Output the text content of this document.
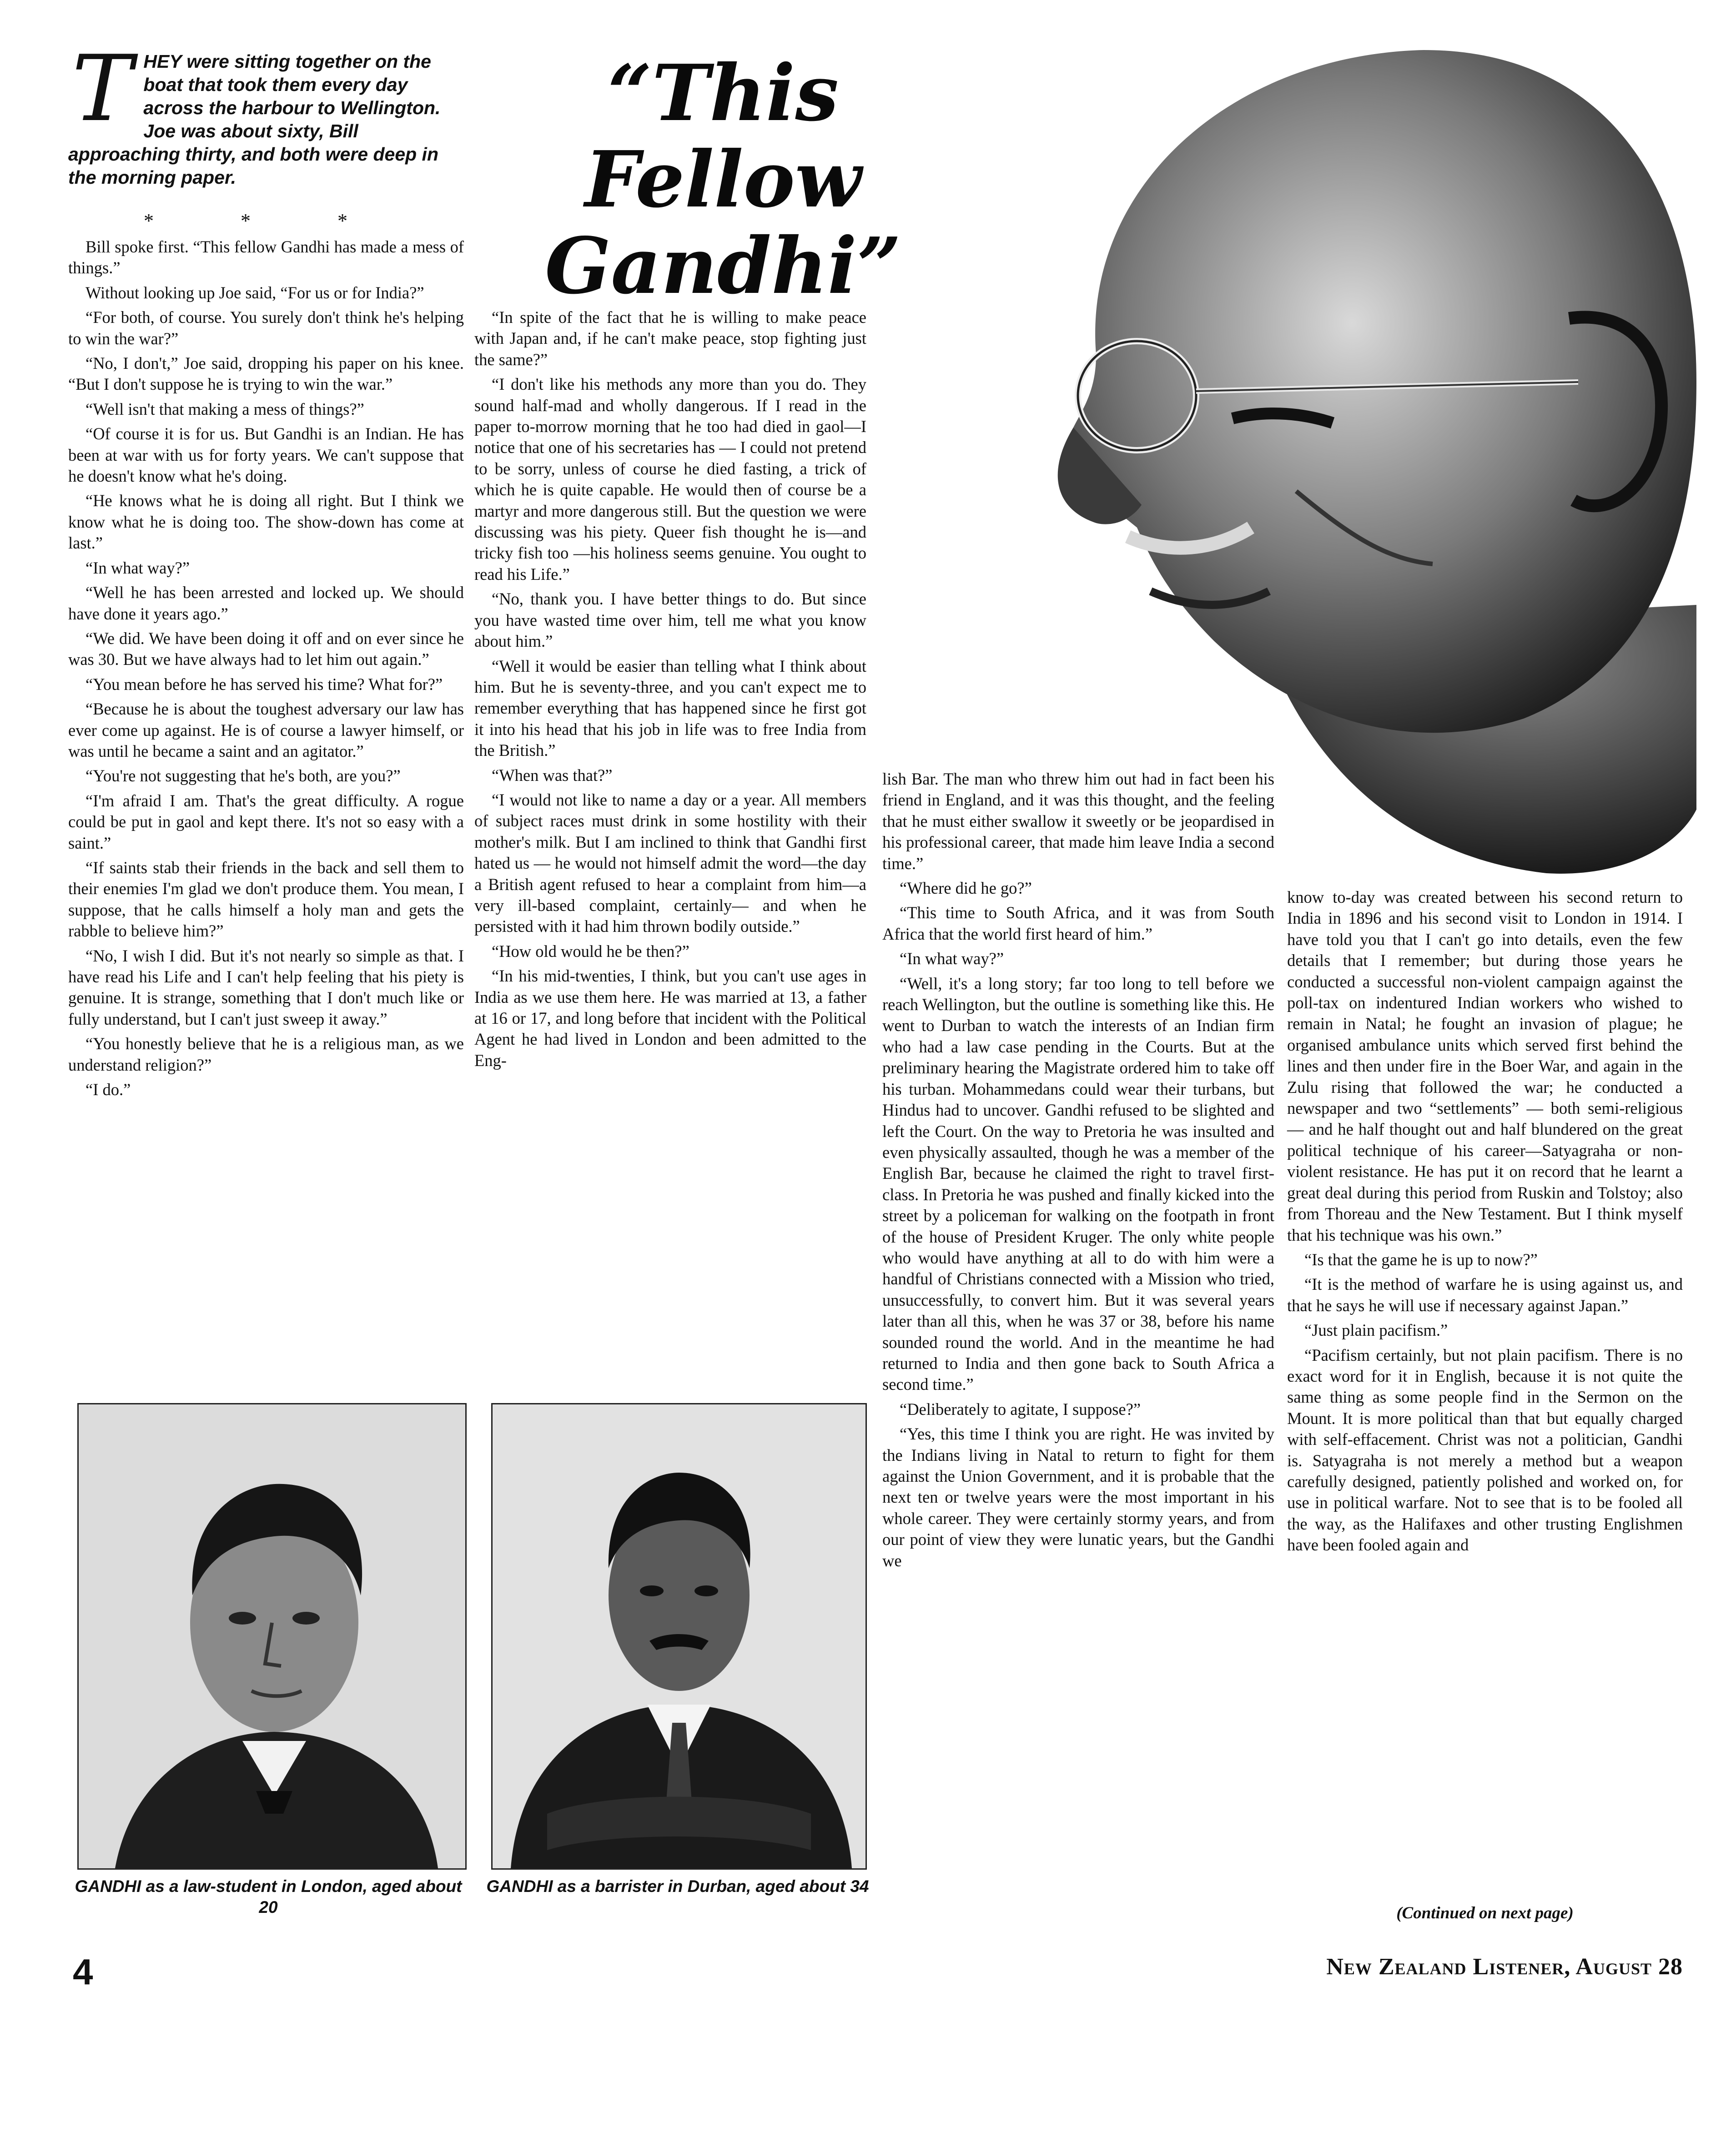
T HEY were sitting together on the boat that took them every day across the harbour to Wellington. Joe was about sixty, Bill approaching thirty, and both were deep in the morning paper.
* * *
“This
Fellow
Gandhi”

Bill spoke first. “This fellow Gandhi has made a mess of things.”

Without looking up Joe said, “For us or for India?”

“For both, of course. You surely don't think he's helping to win the war?”

“No, I don't,” Joe said, dropping his paper on his knee. “But I don't suppose he is trying to win the war.”

“Well isn't that making a mess of things?”

“Of course it is for us. But Gandhi is an Indian. He has been at war with us for forty years. We can't suppose that he doesn't know what he's doing.

“He knows what he is doing all right. But I think we know what he is doing too. The show-down has come at last.”

“In what way?”

“Well he has been arrested and locked up. We should have done it years ago.”

“We did. We have been doing it off and on ever since he was 30. But we have always had to let him out again.”

“You mean before he has served his time? What for?”

“Because he is about the toughest adversary our law has ever come up against. He is of course a lawyer himself, or was until he became a saint and an agitator.”

“You're not suggesting that he's both, are you?”

“I'm afraid I am. That's the great difficulty. A rogue could be put in gaol and kept there. It's not so easy with a saint.”

“If saints stab their friends in the back and sell them to their enemies I'm glad we don't produce them. You mean, I suppose, that he calls himself a holy man and gets the rabble to believe him?”

“No, I wish I did. But it's not nearly so simple as that. I have read his Life and I can't help feeling that his piety is genuine. It is strange, something that I don't much like or fully understand, but I can't just sweep it away.”

“You honestly believe that he is a religious man, as we understand religion?”

“I do.”

“In spite of the fact that he is willing to make peace with Japan and, if he can't make peace, stop fighting just the same?”

“I don't like his methods any more than you do. They sound half-mad and wholly dangerous. If I read in the paper to-morrow morning that he too had died in gaol—I notice that one of his secretaries has — I could not pretend to be sorry, unless of course he died fasting, a trick of which he is quite capable. He would then of course be a martyr and more dangerous still. But the question we were discussing was his piety. Queer fish thought he is—and tricky fish too —his holiness seems genuine. You ought to read his Life.”

“No, thank you. I have better things to do. But since you have wasted time over him, tell me what you know about him.”

“Well it would be easier than telling what I think about him. But he is seventy-three, and you can't expect me to remember everything that has happened since he first got it into his head that his job in life was to free India from the British.”

“When was that?”

“I would not like to name a day or a year. All members of subject races must drink in some hostility with their mother's milk. But I am inclined to think that Gandhi first hated us — he would not himself admit the word—the day a British agent refused to hear a complaint from him—a very ill-based complaint, certainly— and when he persisted with it had him thrown bodily outside.”

“How old would he be then?”

“In his mid-twenties, I think, but you can't use ages in India as we use them here. He was married at 13, a father at 16 or 17, and long before that incident with the Political Agent he had lived in London and been admitted to the Eng-

lish Bar. The man who threw him out had in fact been his friend in England, and it was this thought, and the feeling that he must either swallow it sweetly or be jeopardised in his professional career, that made him leave India a second time.”

“Where did he go?”

“This time to South Africa, and it was from South Africa that the world first heard of him.”

“In what way?”

“Well, it's a long story; far too long to tell before we reach Wellington, but the outline is something like this. He went to Durban to watch the interests of an Indian firm who had a law case pending in the Courts. But at the preliminary hearing the Magistrate ordered him to take off his turban. Mohammedans could wear their turbans, but Hindus had to uncover. Gandhi refused to be slighted and left the Court. On the way to Pretoria he was insulted and even physically assaulted, though he was a member of the English Bar, because he claimed the right to travel first-class. In Pretoria he was pushed and finally kicked into the street by a policeman for walking on the footpath in front of the house of President Kruger. The only white people who would have anything at all to do with him were a handful of Christians connected with a Mission who tried, unsuccessfully, to convert him. But it was several years later than all this, when he was 37 or 38, before his name sounded round the world. And in the meantime he had returned to India and then gone back to South Africa a second time.”

“Deliberately to agitate, I suppose?”

“Yes, this time I think you are right. He was invited by the Indians living in Natal to return to fight for them against the Union Government, and it is probable that the next ten or twelve years were the most important in his whole career. They were certainly stormy years, and from our point of view they were lunatic years, but the Gandhi we

know to-day was created between his second return to India in 1896 and his second visit to London in 1914. I have told you that I can't go into details, even the few details that I remember; but during those years he conducted a successful non-violent campaign against the poll-tax on indentured Indian workers who wished to remain in Natal; he fought an invasion of plague; he organised ambulance units which served first behind the lines and then under fire in the Boer War, and again in the Zulu rising that followed the war; he conducted a newspaper and two “settlements” — both semi-religious — and he half thought out and half blundered on the great political technique of his career—Satyagraha or non-violent resistance. He has put it on record that he learnt a great deal during this period from Ruskin and Tolstoy; also from Thoreau and the New Testament. But I think myself that his technique was his own.”

“Is that the game he is up to now?”

“It is the method of warfare he is using against us, and that he says he will use if necessary against Japan.”

“Just plain pacifism.”

“Pacifism certainly, but not plain pacifism. There is no exact word for it in English, because it is not quite the same thing as some people find in the Sermon on the Mount. It is more political than that but equally charged with self-effacement. Christ was not a politician, Gandhi is. Satyagraha is not merely a method but a weapon carefully designed, patiently polished and worked on, for use in political warfare. Not to see that is to be fooled all the way, as the Halifaxes and other trusting Englishmen have been fooled again and

GANDHI as a law-student in London, aged about 20
GANDHI as a barrister in Durban, aged about 34
(Continued on next page)
4	New Zealand Listener, August 28
